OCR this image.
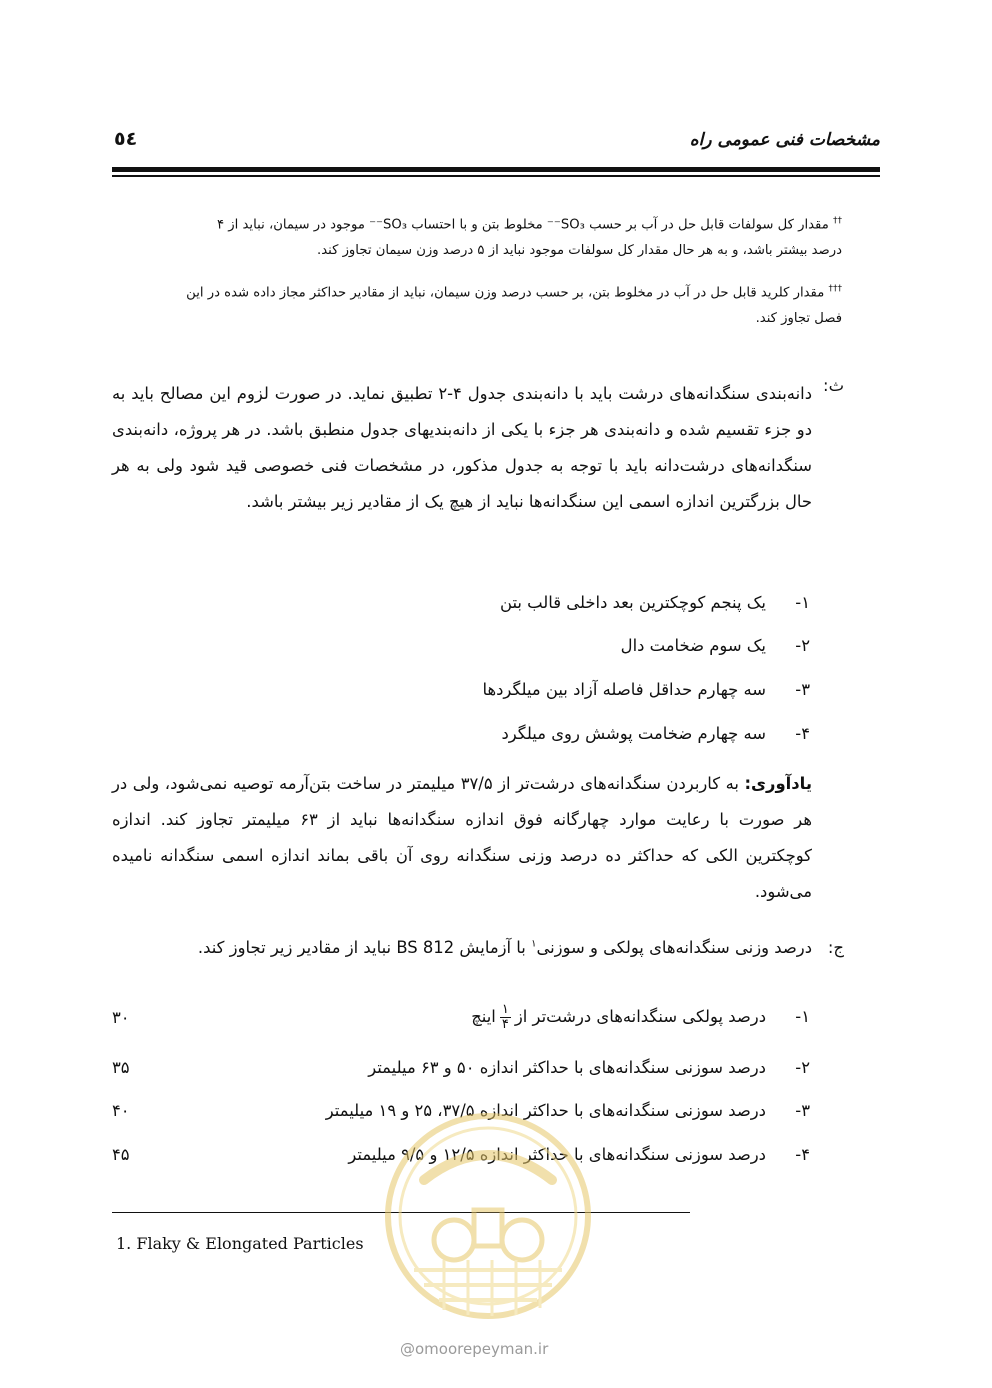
مشخصات فنی عمومی راه
٥٤
†† مقدار کل سولفات قابل حل در آب بر حسب SO₃⁻⁻ مخلوط بتن و با احتساب SO₃⁻⁻ موجود در سیمان، نباید از ۴
درصد بیشتر باشد، و به هر حال مقدار کل سولفات موجود نباید از ۵ درصد وزن سیمان تجاوز کند.
††† مقدار کلرید قابل حل در آب در مخلوط بتن، بر حسب درصد وزن سیمان، نباید از مقادیر حداکثر مجاز داده شده در این
فصل تجاوز کند.
ث:
دانه‌بندی سنگدانه‌های درشت باید با دانه‌بندی جدول ۴-۲ تطبیق نماید. در صورت لزوم این مصالح باید به دو جزء تقسیم شده و دانه‌بندی هر جزء با یکی از دانه‌بندیهای جدول منطبق باشد. در هر پروژه، دانه‌بندی سنگدانه‌های درشت‌دانه باید با توجه به جدول مذکور، در مشخصات فنی خصوصی قید شود ولی به هر حال بزرگترین اندازه اسمی این سنگدانه‌ها نباید از هیچ یک از مقادیر زیر بیشتر باشد.
۱-یک پنجم کوچکترین بعد داخلی قالب بتن
۲-یک سوم ضخامت دال
۳-سه چهارم حداقل فاصله آزاد بین میلگردها
۴-سه چهارم ضخامت پوشش روی میلگرد
یادآوری: به کاربردن سنگدانه‌های درشت‌تر از ۳۷/۵ میلیمتر در ساخت بتن‌آرمه توصیه نمی‌شود، ولی در هر صورت با رعایت موارد چهارگانه فوق اندازه سنگدانه‌ها نباید از ۶۳ میلیمتر تجاوز کند. اندازه کوچکترین الکی که حداکثر ده درصد وزنی سنگدانه روی آن باقی بماند اندازه اسمی سنگدانه نامیده می‌شود.
ج:
درصد وزنی سنگدانه‌های پولکی و سوزنی$^۱$ با آزمایش BS 812 نباید از مقادیر زیر تجاوز کند.
۱-درصد پولکی سنگدانه‌های درشت‌تر از
$\frac{۱}{۴}$
اینچ
۳۰
۲-درصد سوزنی سنگدانه‌های با حداکثر اندازه ۵۰ و ۶۳ میلیمتر
۳۵
۳-درصد سوزنی سنگدانه‌های با حداکثر اندازه ۳۷/۵، ۲۵ و ۱۹ میلیمتر
۴۰
۴-درصد سوزنی سنگدانه‌های با حداکثر اندازه ۱۲/۵ و ۹/۵ میلیمتر
۴۵
1. Flaky & Elongated Particles
@omoorepeyman.ir
